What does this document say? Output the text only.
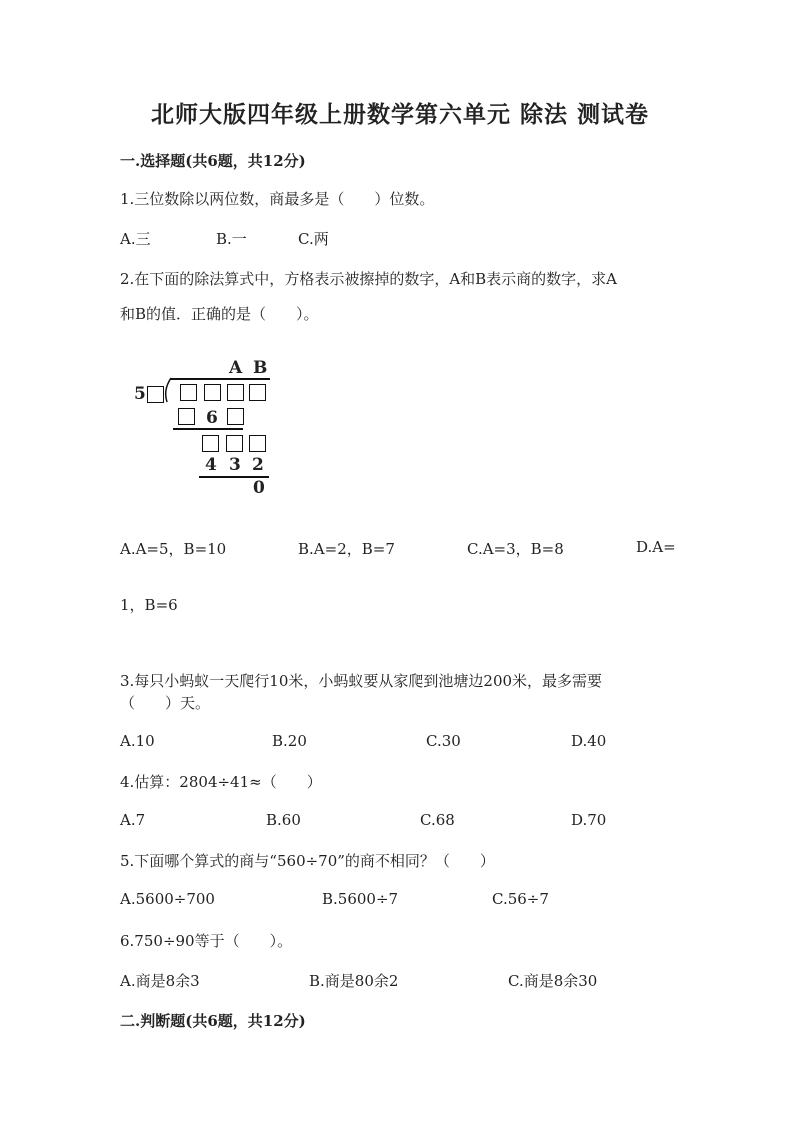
北师大版四年级上册数学第六单元 除法 测试卷
一.选择题(共6题，共12分)
1.三位数除以两位数，商最多是（　　）位数。
A.三	B.一	C.两
2.在下面的除法算式中，方格表示被擦掉的数字，A和B表示商的数字，求A
和B的值．正确的是（　　）。
A B
5
6
4 3 2
0
A.A=5，B=10	B.A=2，B=7	C.A=3，B=8	D.A=
1，B=6
3.每只小蚂蚁一天爬行10米，小蚂蚁要从家爬到池塘边200米，最多需要
（　　）天。
A.10	B.20	C.30	D.40
4.估算：2804÷41≈（　　）
A.7	B.60	C.68	D.70
5.下面哪个算式的商与“560÷70”的商不相同？（　　）
A.5600÷700	B.5600÷7	C.56÷7
6.750÷90等于（　　）。
A.商是8余3	B.商是80余2	C.商是8余30
二.判断题(共6题，共12分)
